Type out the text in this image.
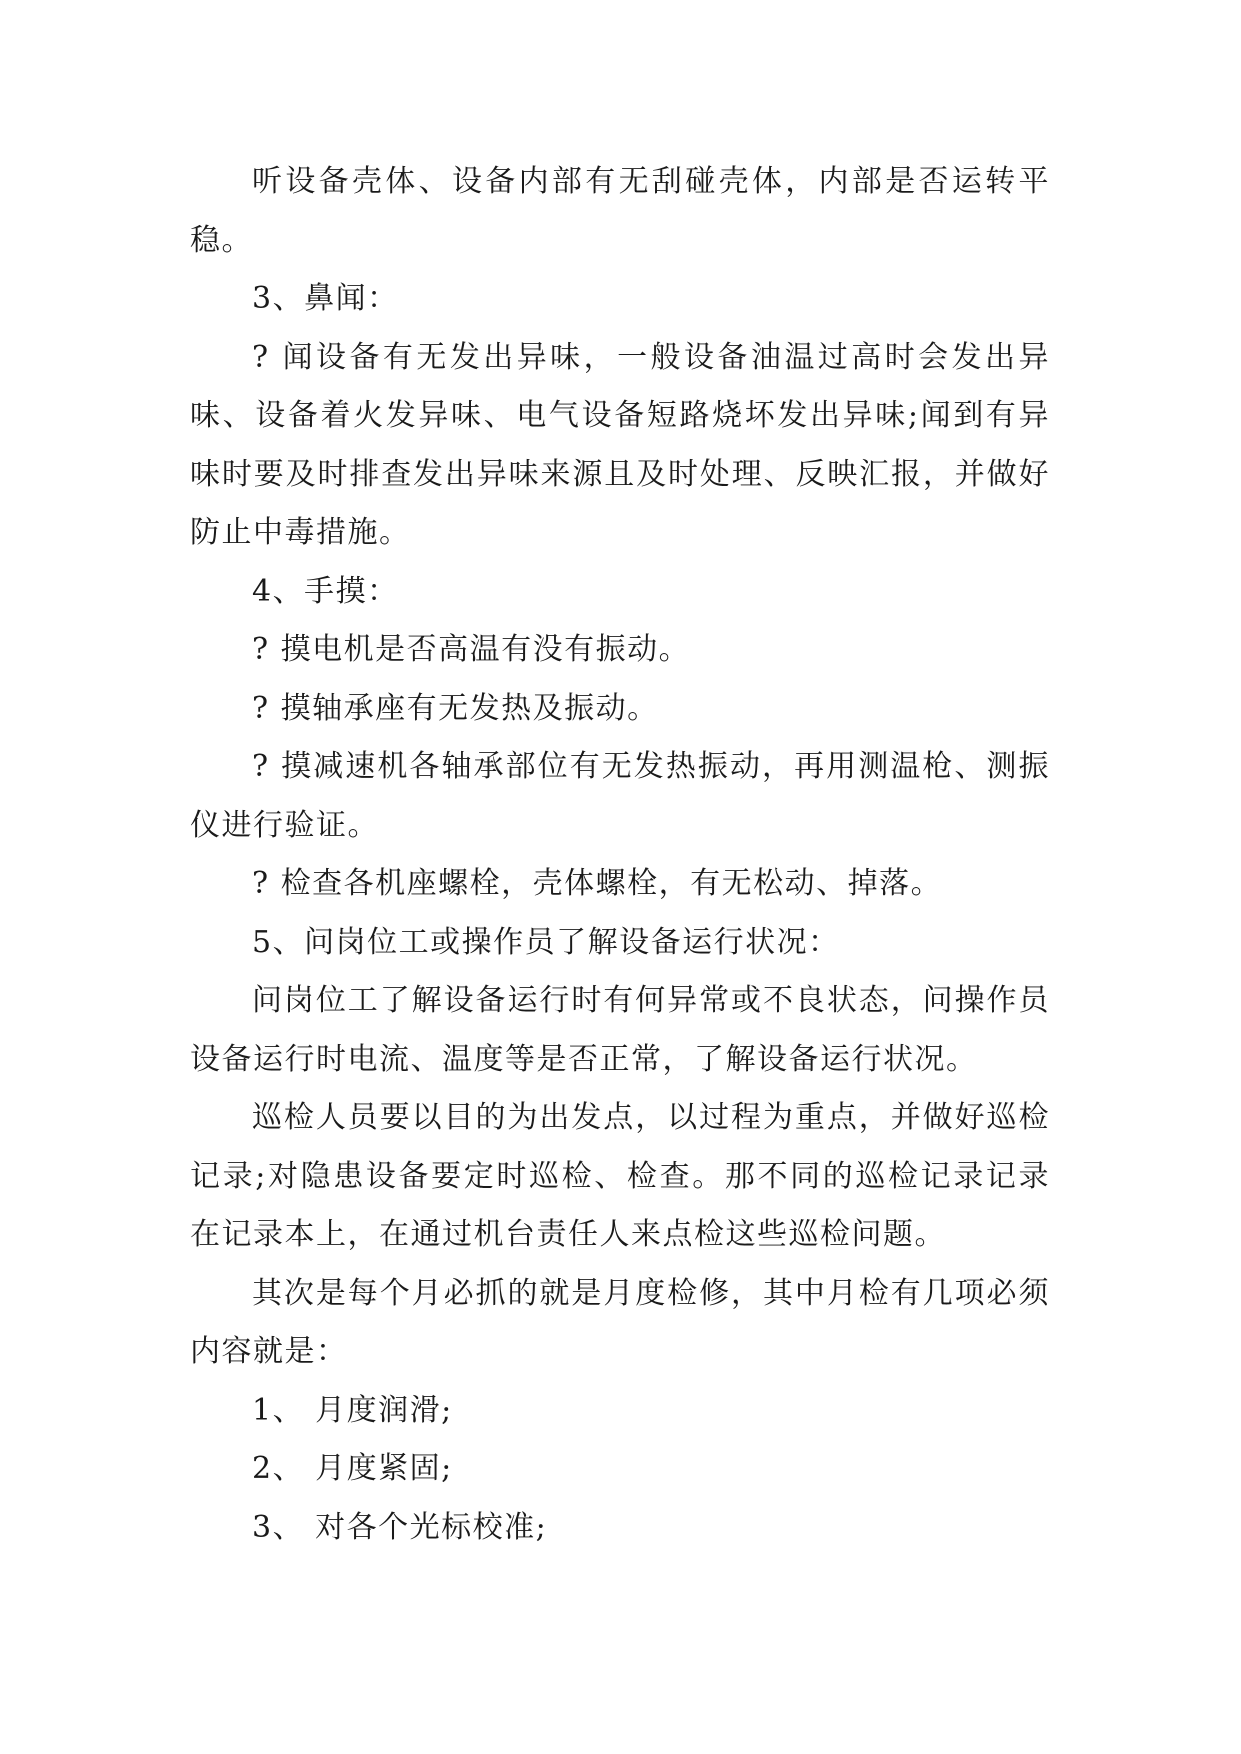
听设备壳体、设备内部有无刮碰壳体，内部是否运转平稳。

3、鼻闻：

? 闻设备有无发出异味，一般设备油温过高时会发出异味、设备着火发异味、电气设备短路烧坏发出异味;闻到有异味时要及时排查发出异味来源且及时处理、反映汇报，并做好防止中毒措施。

4、手摸：

? 摸电机是否高温有没有振动。

? 摸轴承座有无发热及振动。

? 摸减速机各轴承部位有无发热振动，再用测温枪、测振仪进行验证。

? 检查各机座螺栓，壳体螺栓，有无松动、掉落。

5、问岗位工或操作员了解设备运行状况：

问岗位工了解设备运行时有何异常或不良状态，问操作员设备运行时电流、温度等是否正常，了解设备运行状况。

巡检人员要以目的为出发点，以过程为重点，并做好巡检记录;对隐患设备要定时巡检、检查。那不同的巡检记录记录在记录本上，在通过机台责任人来点检这些巡检问题。

其次是每个月必抓的就是月度检修，其中月检有几项必须内容就是：

1、 月度润滑;

2、 月度紧固;

3、 对各个光标校准;
